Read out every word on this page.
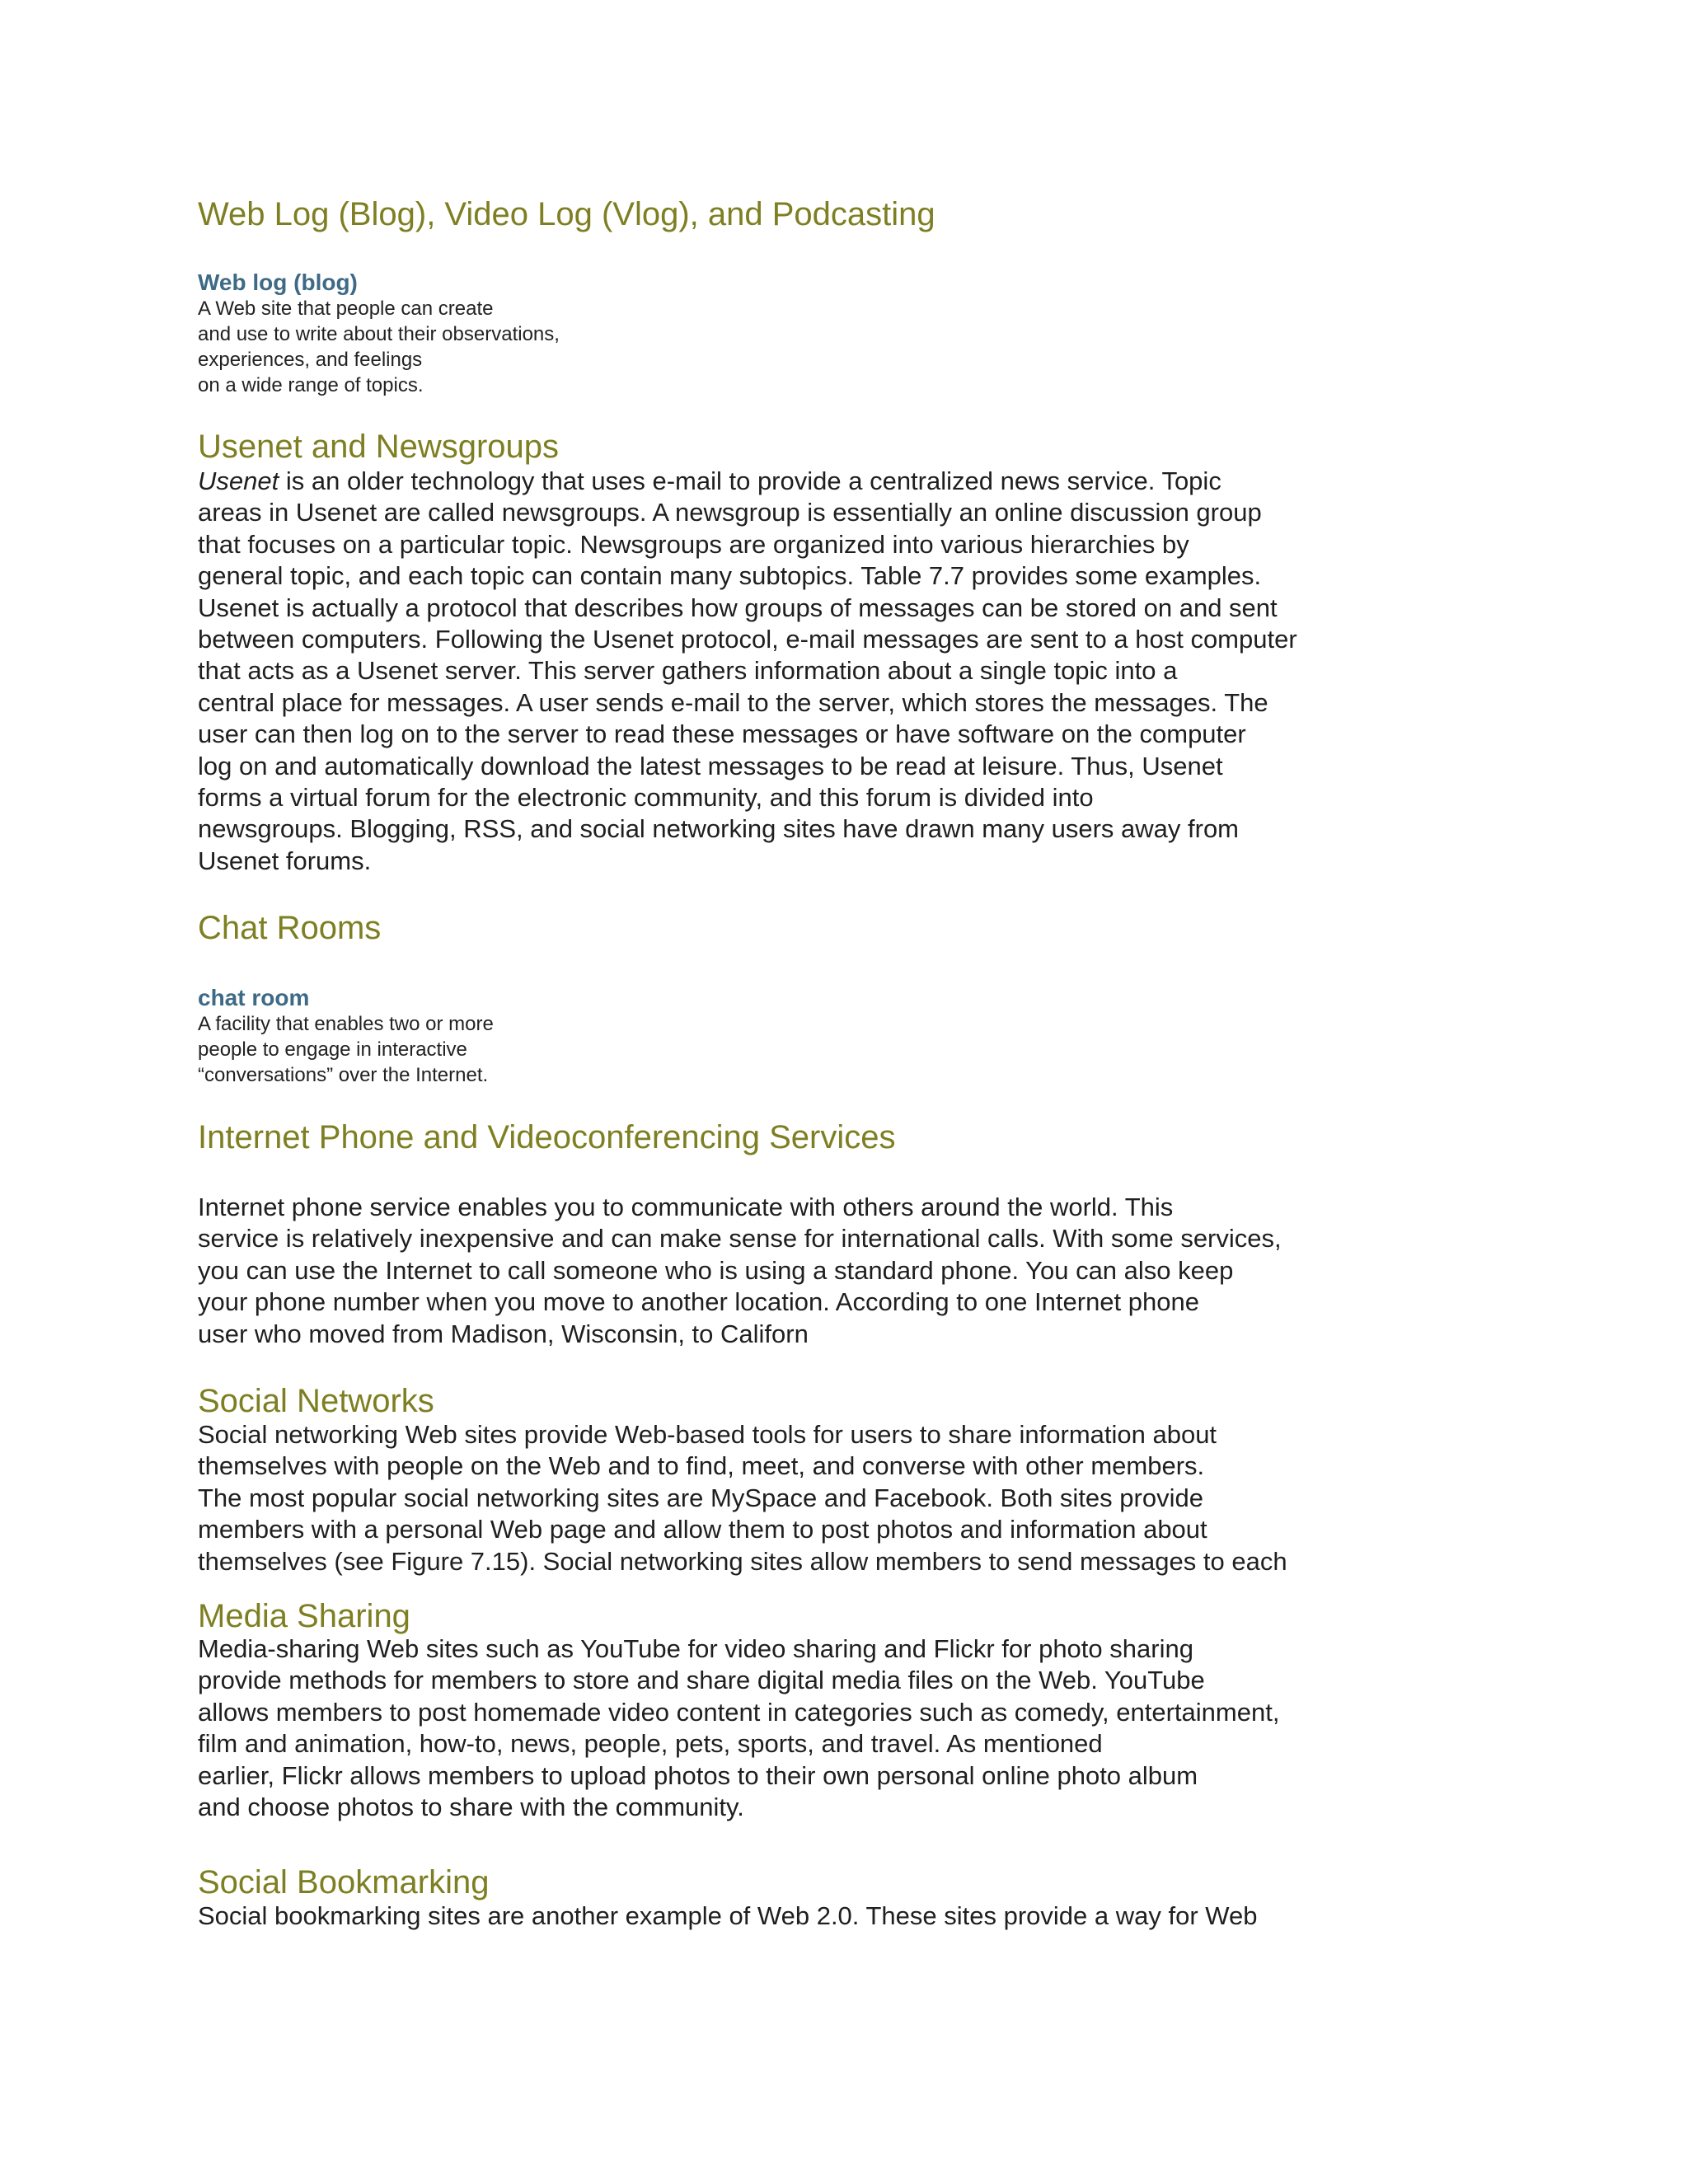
Web Log (Blog), Video Log (Vlog), and Podcasting
Web log (blog)
A Web site that people can create
and use to write about their observations,
experiences, and feelings
on a wide range of topics.
Usenet and Newsgroups
Usenet is an older technology that uses e-mail to provide a centralized news service. Topic
areas in Usenet are called newsgroups. A newsgroup is essentially an online discussion group
that focuses on a particular topic. Newsgroups are organized into various hierarchies by
general topic, and each topic can contain many subtopics. Table 7.7 provides some examples.
Usenet is actually a protocol that describes how groups of messages can be stored on and sent
between computers. Following the Usenet protocol, e-mail messages are sent to a host computer
that acts as a Usenet server. This server gathers information about a single topic into a
central place for messages. A user sends e-mail to the server, which stores the messages. The
user can then log on to the server to read these messages or have software on the computer
log on and automatically download the latest messages to be read at leisure. Thus, Usenet
forms a virtual forum for the electronic community, and this forum is divided into
newsgroups. Blogging, RSS, and social networking sites have drawn many users away from
Usenet forums.
Chat Rooms
chat room
A facility that enables two or more
people to engage in interactive
“conversations” over the Internet.
Internet Phone and Videoconferencing Services
Internet phone service enables you to communicate with others around the world. This
service is relatively inexpensive and can make sense for international calls. With some services,
you can use the Internet to call someone who is using a standard phone. You can also keep
your phone number when you move to another location. According to one Internet phone
user who moved from Madison, Wisconsin, to Californ
Social Networks
Social networking Web sites provide Web-based tools for users to share information about
themselves with people on the Web and to find, meet, and converse with other members.
The most popular social networking sites are MySpace and Facebook. Both sites provide
members with a personal Web page and allow them to post photos and information about
themselves (see Figure 7.15). Social networking sites allow members to send messages to each
Media Sharing
Media-sharing Web sites such as YouTube for video sharing and Flickr for photo sharing
provide methods for members to store and share digital media files on the Web. YouTube
allows members to post homemade video content in categories such as comedy, entertainment,
film and animation, how-to, news, people, pets, sports, and travel. As mentioned
earlier, Flickr allows members to upload photos to their own personal online photo album
and choose photos to share with the community.
Social Bookmarking
Social bookmarking sites are another example of Web 2.0. These sites provide a way for Web
